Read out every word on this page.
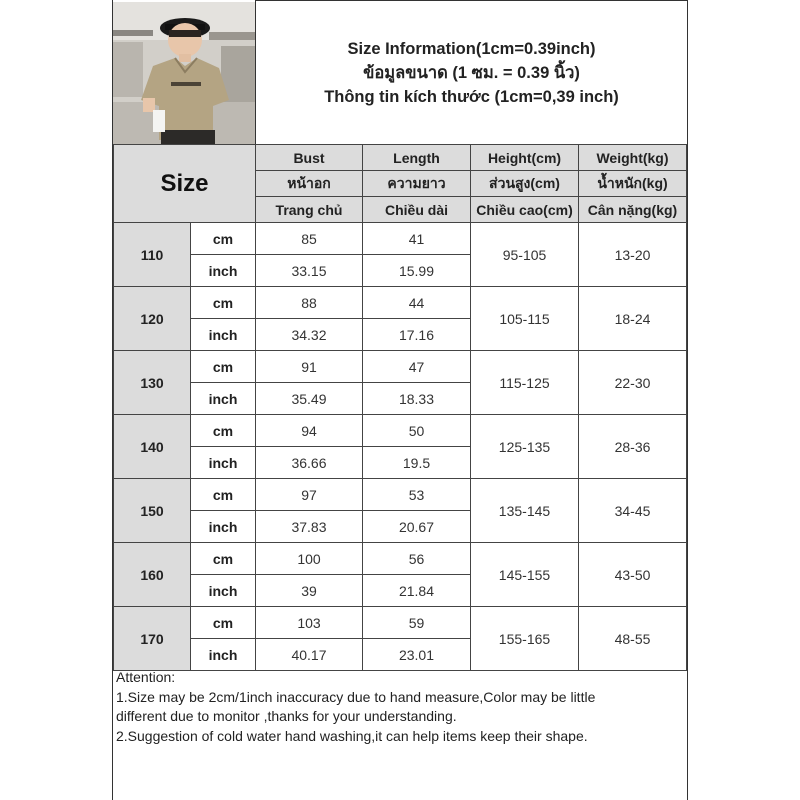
Size Information(1cm=0.39inch)
ข้อมูลขนาด (1 ซม. = 0.39 นิ้ว)
Thông tin kích thước (1cm=0,39 inch)
Size		Bust	Length	Height(cm)	Weight(kg)
		หน้าอก	ความยาว	ส่วนสูง(cm)	น้ำหนัก(kg)
		Trang chủ	Chiều dài	Chiều cao(cm)	Cân nặng(kg)
110	cm	85	41	95-105	13-20
	inch	33.15	15.99		
120	cm	88	44	105-115	18-24
	inch	34.32	17.16		
130	cm	91	47	115-125	22-30
	inch	35.49	18.33		
140	cm	94	50	125-135	28-36
	inch	36.66	19.5		
150	cm	97	53	135-145	34-45
	inch	37.83	20.67		
160	cm	100	56	145-155	43-50
	inch	39	21.84		
170	cm	103	59	155-165	48-55
	inch	40.17	23.01		
Attention:
1.Size may be 2cm/1inch inaccuracy due to hand measure,Color may be little
different due to monitor ,thanks for your understanding.
2.Suggestion of cold water hand washing,it can help items keep their shape.
